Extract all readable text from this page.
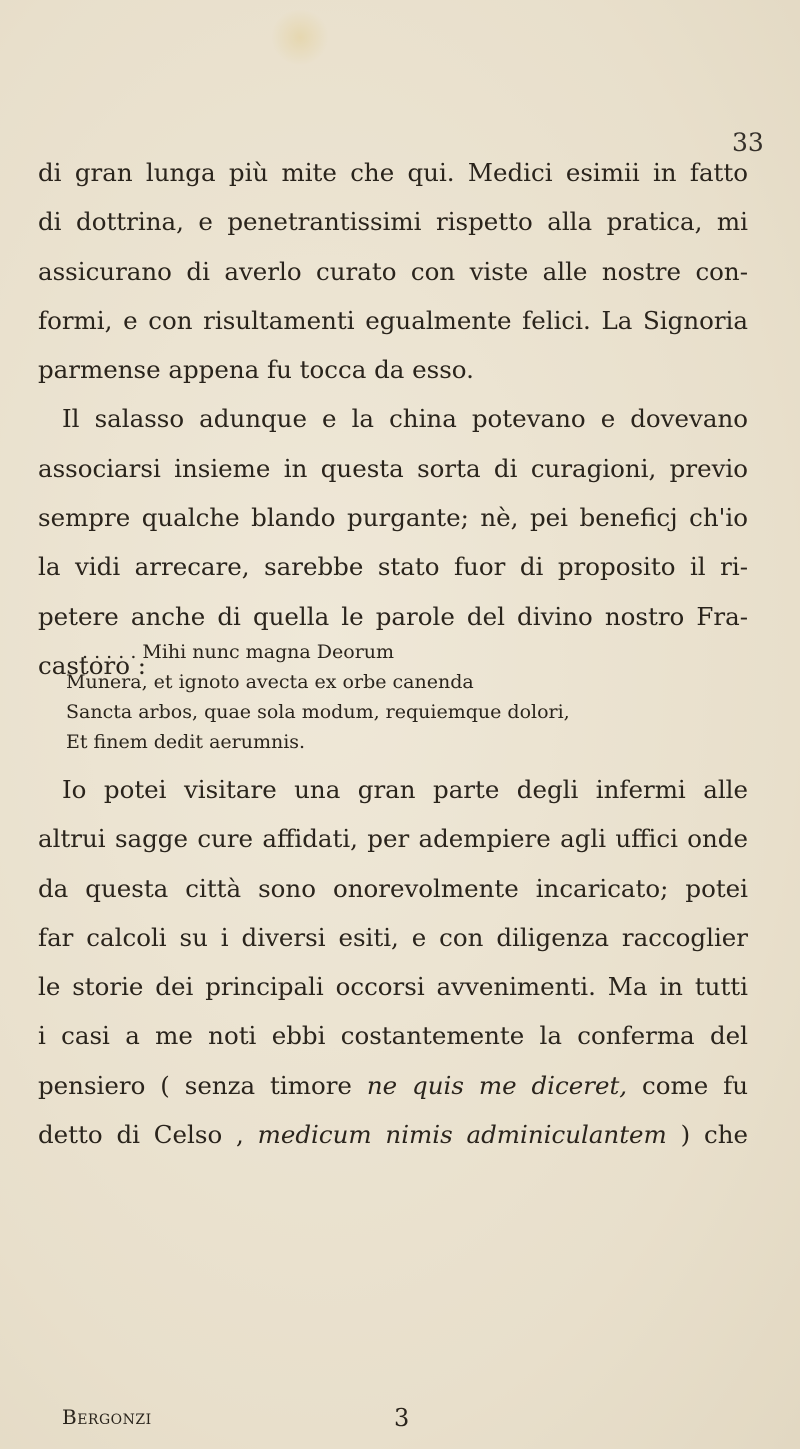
33
di gran lunga più mite che qui. Medici esimii in fatto
di dottrina, e penetrantissimi rispetto alla pratica, mi
assicurano di averlo curato con viste alle nostre con-
formi, e con risultamenti egualmente felici. La Signoria
parmense appena fu tocca da esso.
Il salasso adunque e la china potevano e dovevano
associarsi insieme in questa sorta di curagioni, previo
sempre qualche blando purgante; nè, pei beneficj ch'io
la vidi arrecare, sarebbe stato fuor di proposito il ri-
petere anche di quella le parole del divino nostro Fra-
castoro :
. . . . . Mihi nunc magna Deorum
Munera, et ignoto avecta ex orbe canenda
Sancta arbos, quae sola modum, requiemque dolori,
Et finem dedit aerumnis.
Io potei visitare una gran parte degli infermi alle
altrui sagge cure affidati, per adempiere agli uffici onde
da questa città sono onorevolmente incaricato; potei
far calcoli su i diversi esiti, e con diligenza raccoglier
le storie dei principali occorsi avvenimenti. Ma in tutti
i casi a me noti ebbi costantemente la conferma del
pensiero ( senza timore ne quis me diceret, come fu
detto di Celso , medicum nimis adminiculantem ) che
Bergonzi	3
